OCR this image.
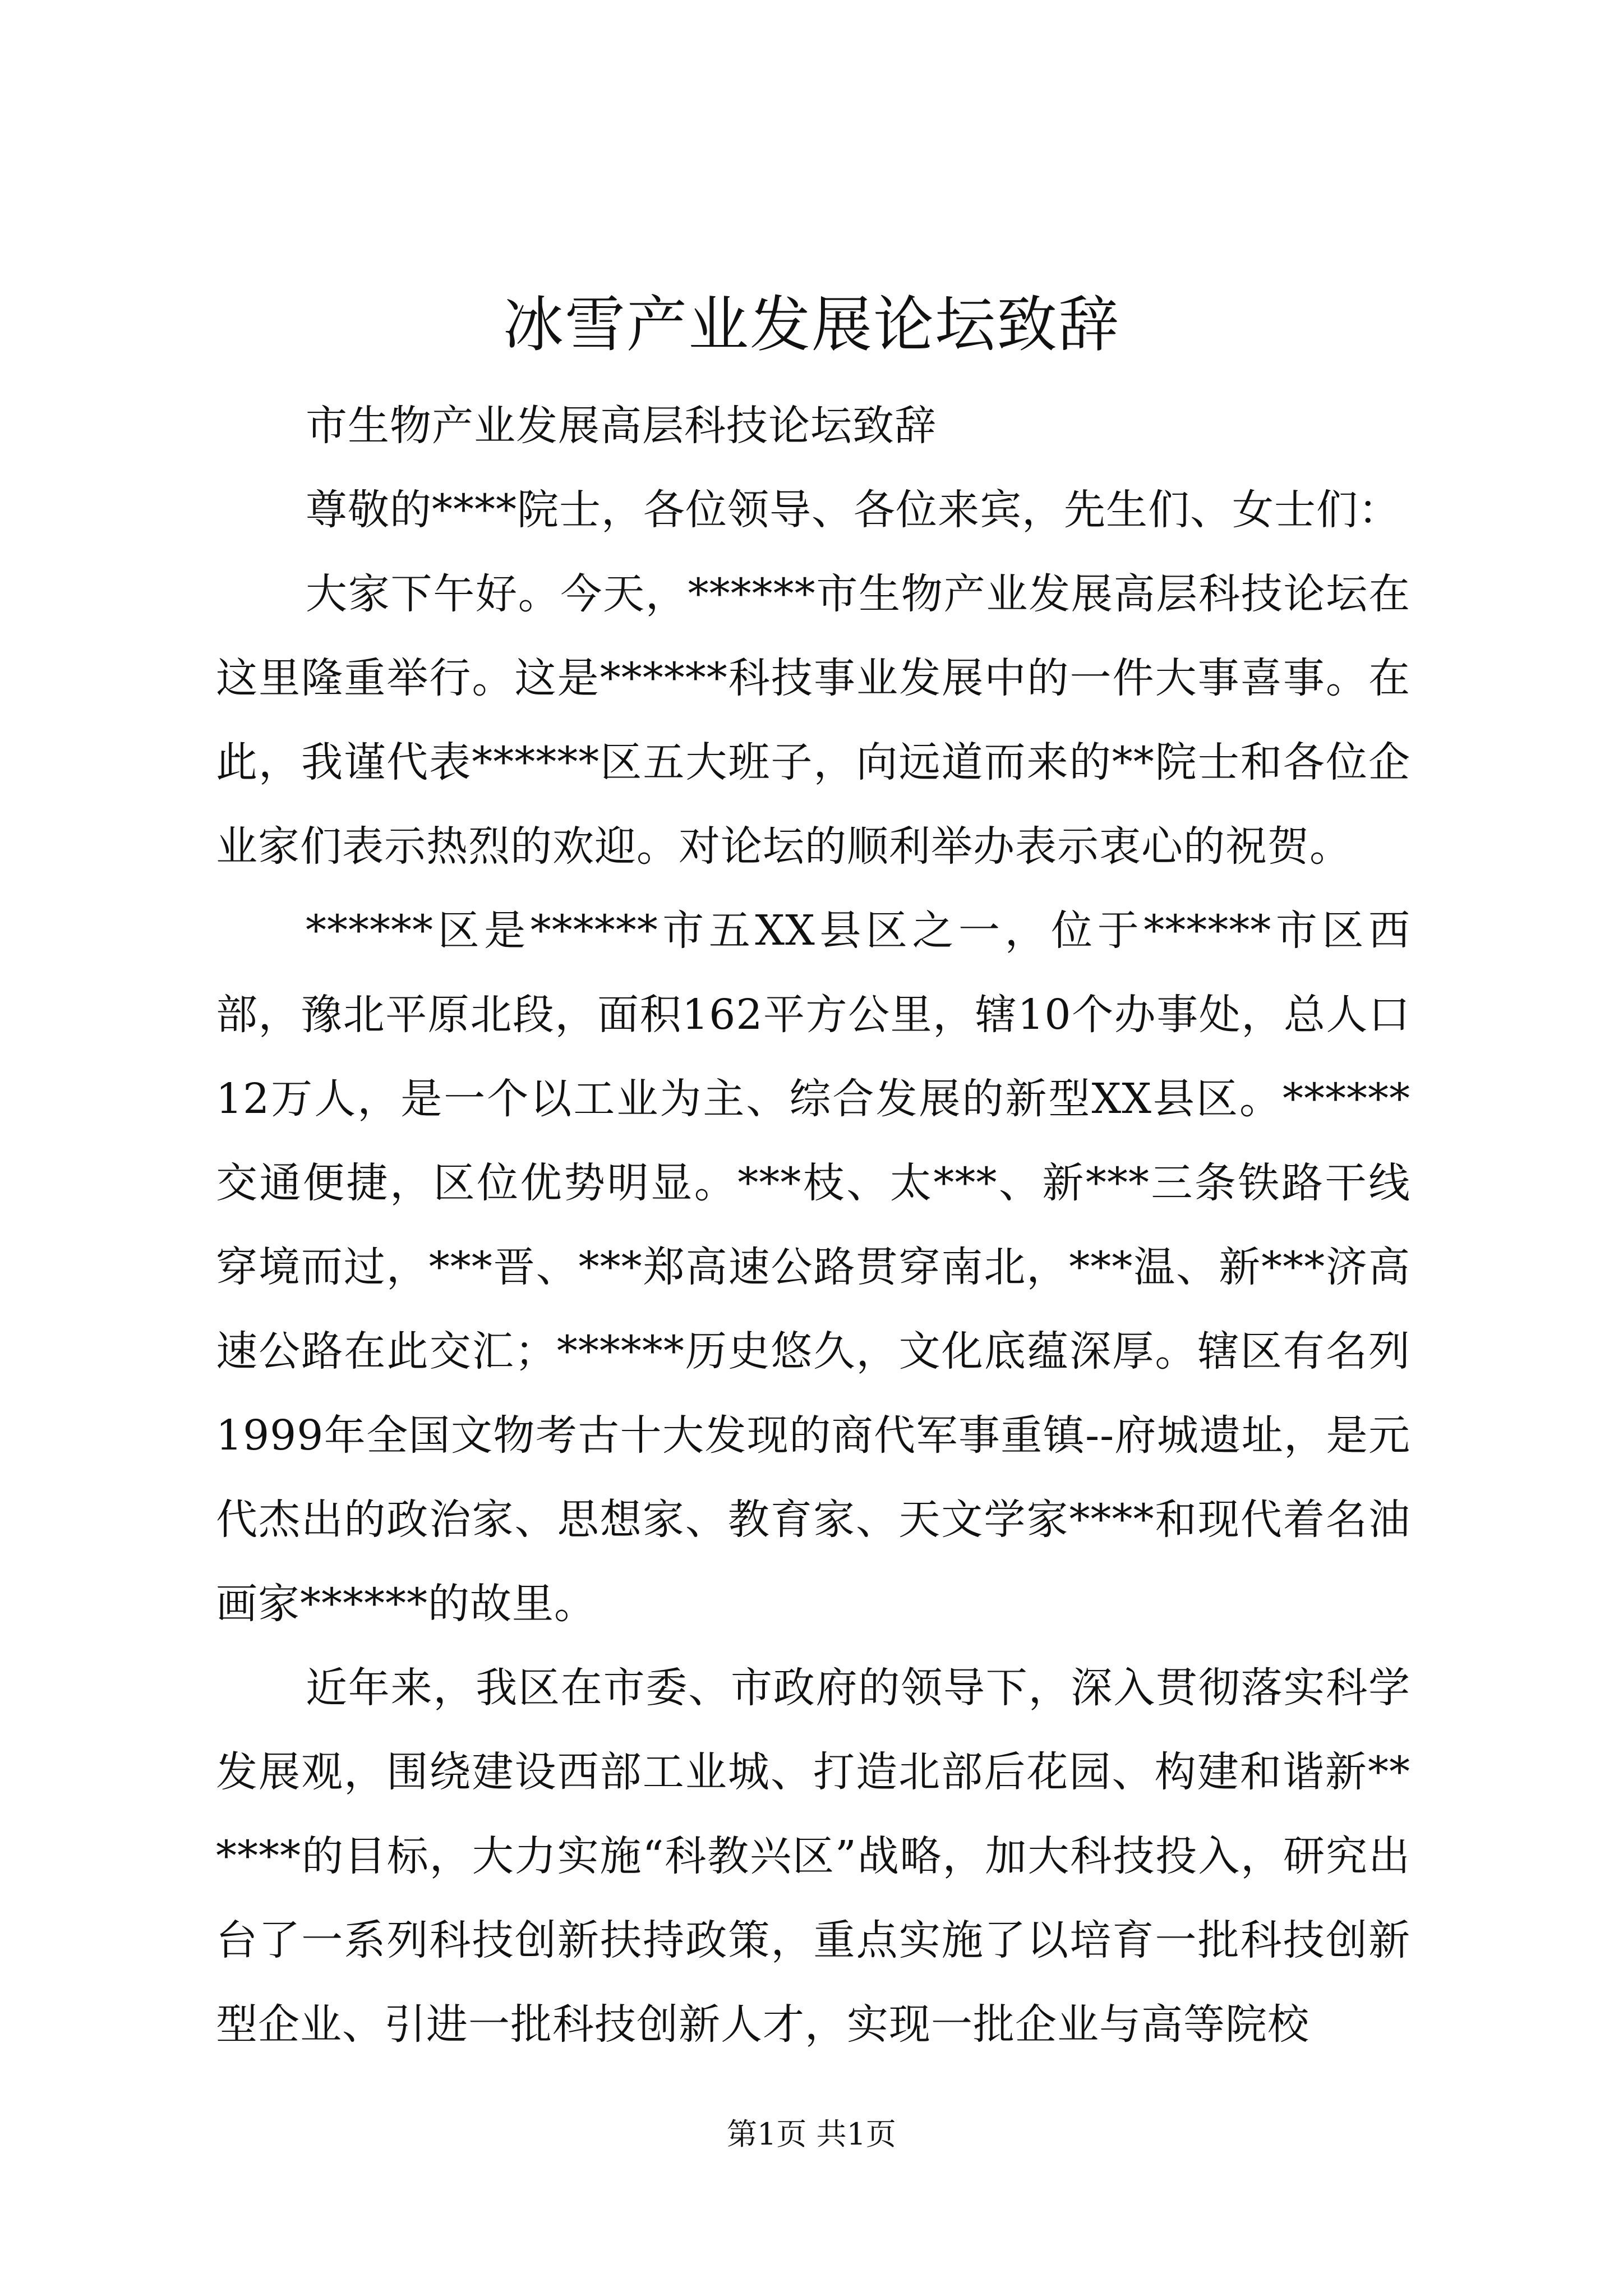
冰雪产业发展论坛致辞

市生物产业发展高层科技论坛致辞

尊敬的****院士，各位领导、各位来宾，先生们、女士们：

大家下午好。今天，******市生物产业发展高层科技论坛在这里隆重举行。这是******科技事业发展中的一件大事喜事。在此，我谨代表******区五大班子，向远道而来的**院士和各位企业家们表示热烈的欢迎。对论坛的顺利举办表示衷心的祝贺。

******区是******市五XX县区之一，位于******市区西部，豫北平原北段，面积162平方公里，辖10个办事处，总人口12万人，是一个以工业为主、综合发展的新型XX县区。******交通便捷，区位优势明显。***枝、太***、新***三条铁路干线穿境而过，***晋、***郑高速公路贯穿南北，***温、新***济高速公路在此交汇；******历史悠久，文化底蕴深厚。辖区有名列1999年全国文物考古十大发现的商代军事重镇--府城遗址，是元代杰出的政治家、思想家、教育家、天文学家****和现代着名油画家******的故里。

近年来，我区在市委、市政府的领导下，深入贯彻落实科学发展观，围绕建设西部工业城、打造北部后花园、构建和谐新******的目标，大力实施“科教兴区”战略，加大科技投入，研究出台了一系列科技创新扶持政策，重点实施了以培育一批科技创新型企业、引进一批科技创新人才，实现一批企业与高等院校

第1页 共1页
